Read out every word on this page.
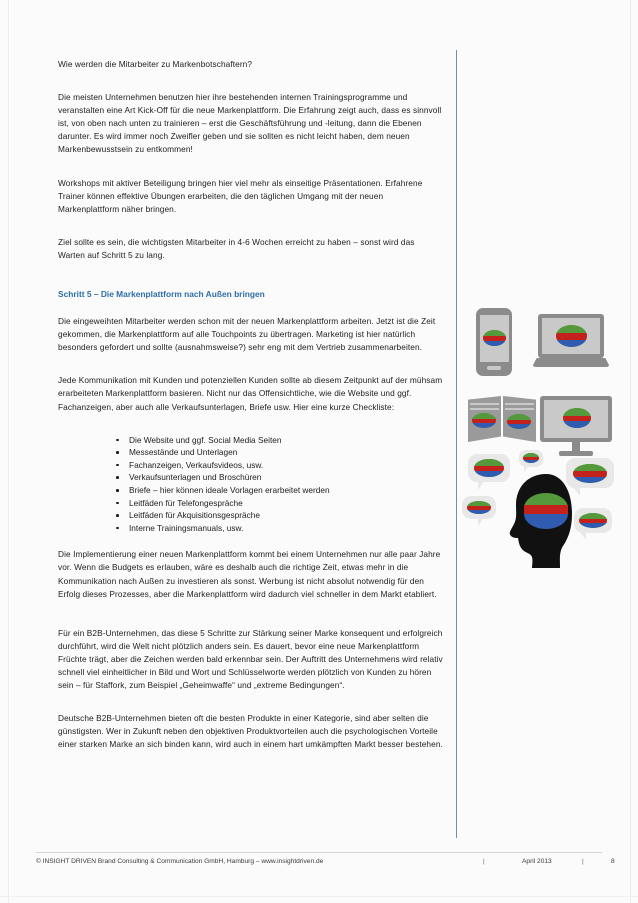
Wie werden die Mitarbeiter zu Markenbotschaftern?

Die meisten Unternehmen benutzen hier ihre bestehenden internen Trainingsprogramme und veranstalten eine Art Kick-Off für die neue Markenplattform. Die Erfahrung zeigt auch, dass es sinnvoll ist, von oben nach unten zu trainieren – erst die Geschäftsführung und -leitung, dann die Ebenen darunter. Es wird immer noch Zweifler geben und sie sollten es nicht leicht haben, dem neuen Markenbewusstsein zu entkommen!

Workshops mit aktiver Beteiligung bringen hier viel mehr als einseitige Präsentationen. Erfahrene Trainer können effektive Übungen erarbeiten, die den täglichen Umgang mit der neuen Markenplattform näher bringen.

Ziel sollte es sein, die wichtigsten Mitarbeiter in 4-6 Wochen erreicht zu haben – sonst wird das Warten auf Schritt 5 zu lang.

Schritt 5 – Die Markenplattform nach Außen bringen

Die eingeweihten Mitarbeiter werden schon mit der neuen Markenplattform arbeiten. Jetzt ist die Zeit gekommen, die Markenplattform auf alle Touchpoints zu übertragen. Marketing ist hier natürlich besonders gefordert und sollte (ausnahmsweise?) sehr eng mit dem Vertrieb zusammenarbeiten.

Jede Kommunikation mit Kunden und potenziellen Kunden sollte ab diesem Zeitpunkt auf der mühsam erarbeiteten Markenplattform basieren. Nicht nur das Offensichtliche, wie die Website und ggf. Fachanzeigen, aber auch alle Verkaufsunterlagen, Briefe usw. Hier eine kurze Checkliste:

Die Website und ggf. Social Media Seiten
Messestände und Unterlagen
Fachanzeigen, Verkaufsvideos, usw.
Verkaufsunterlagen und Broschüren
Briefe – hier können ideale Vorlagen erarbeitet werden
Leitfäden für Telefongespräche
Leitfäden für Akquisitionsgespräche
Interne Trainingsmanuals, usw.

Die Implementierung einer neuen Markenplattform kommt bei einem Unternehmen nur alle paar Jahre vor. Wenn die Budgets es erlauben, wäre es deshalb auch die richtige Zeit, etwas mehr in die Kommunikation nach Außen zu investieren als sonst. Werbung ist nicht absolut notwendig für den Erfolg dieses Prozesses, aber die Markenplattform wird dadurch viel schneller in dem Markt etabliert.

Für ein B2B-Unternehmen, das diese 5 Schritte zur Stärkung seiner Marke konsequent und erfolgreich durchführt, wird die Welt nicht plötzlich anders sein. Es dauert, bevor eine neue Markenplattform Früchte trägt, aber die Zeichen werden bald erkennbar sein. Der Auftritt des Unternehmens wird relativ schnell viel einheitlicher in Bild und Wort und Schlüsselworte werden plötzlich von Kunden zu hören sein – für Staffork, zum Beispiel „Geheimwaffe“ und „extreme Bedingungen“.

Deutsche B2B-Unternehmen bieten oft die besten Produkte in einer Kategorie, sind aber selten die günstigsten. Wer in Zukunft neben den objektiven Produktvorteilen auch die psychologischen Vorteile einer starken Marke an sich binden kann, wird auch in einem hart umkämpften Markt besser bestehen.

© INSIGHT DRIVEN Brand Consulting & Communication GmbH, Hamburg – www.insightdriven.de	|	April 2013	|	8
